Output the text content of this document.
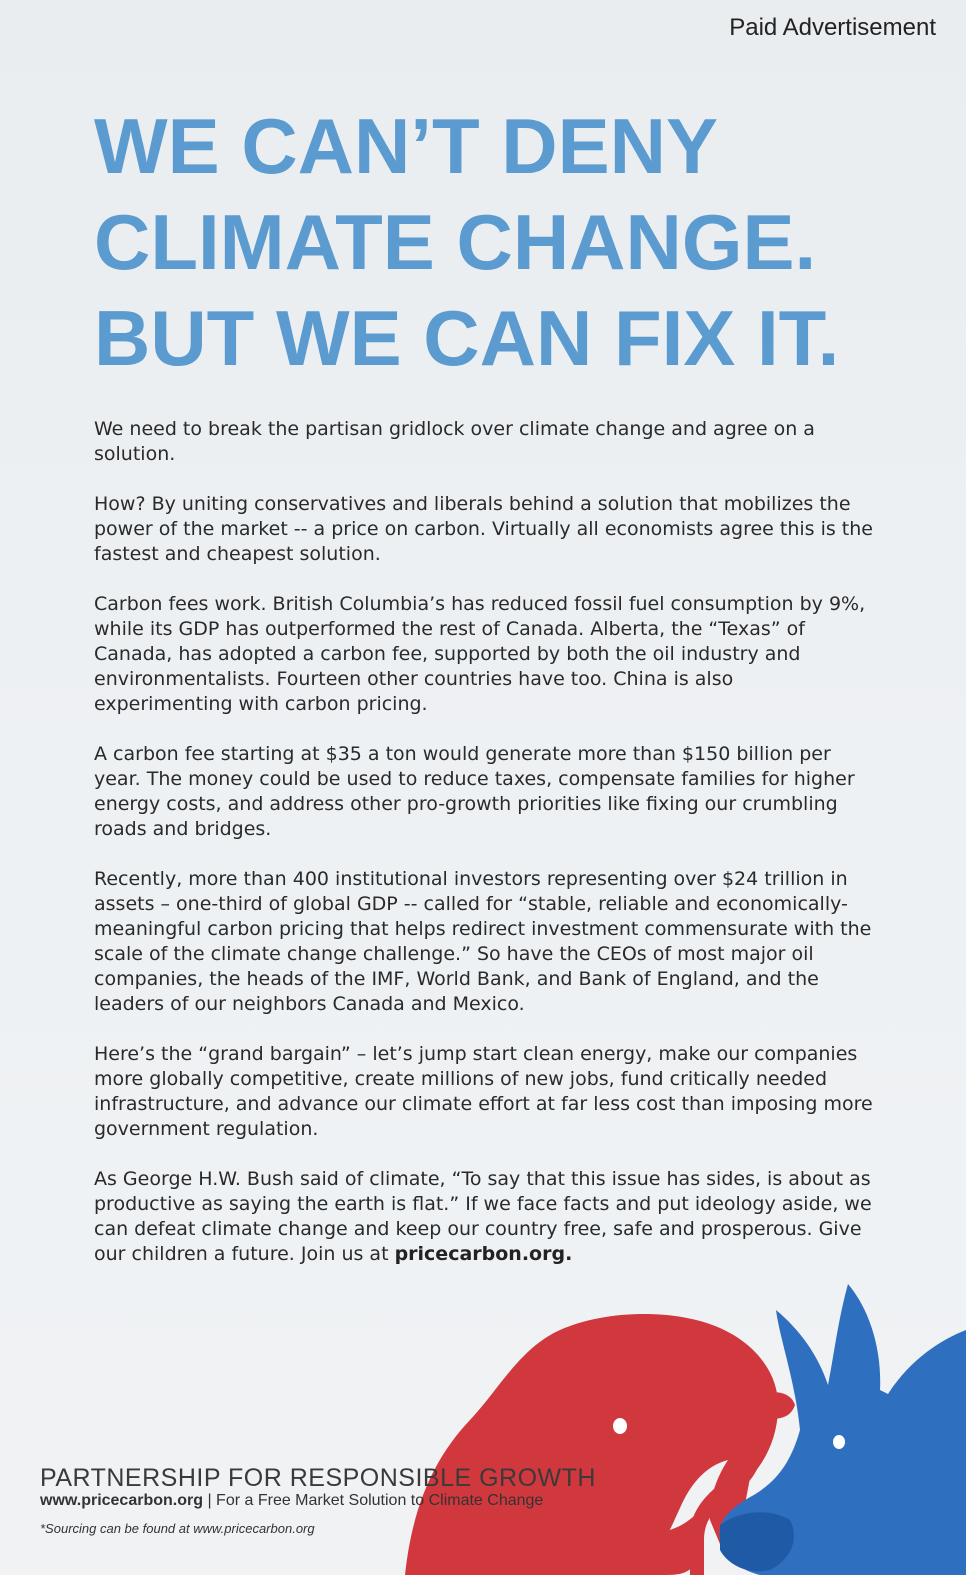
Paid Advertisement
WE CAN’T DENY
CLIMATE CHANGE.
BUT WE CAN FIX IT.

We need to break the partisan gridlock over climate change and agree on a solution.

How? By uniting conservatives and liberals behind a solution that mobilizes the power of the market -- a price on carbon. Virtually all economists agree this is the fastest and cheapest solution.

Carbon fees work. British Columbia’s has reduced fossil fuel consumption by 9%, while its GDP has outperformed the rest of Canada. Alberta, the “Texas” of Canada, has adopted a carbon fee, supported by both the oil industry and environmentalists. Fourteen other countries have too. China is also experimenting with carbon pricing.

A carbon fee starting at $35 a ton would generate more than $150 billion per year. The money could be used to reduce taxes, compensate families for higher energy costs, and address other pro-growth priorities like fixing our crumbling roads and bridges.

Recently, more than 400 institutional investors representing over $24 trillion in assets – one-third of global GDP -- called for “stable, reliable and economically-meaningful carbon pricing that helps redirect investment commensurate with the scale of the climate change challenge.” So have the CEOs of most major oil companies, the heads of the IMF, World Bank, and Bank of England, and the leaders of our neighbors Canada and Mexico.

Here’s the “grand bargain” – let’s jump start clean energy, make our companies more globally competitive, create millions of new jobs, fund critically needed infrastructure, and advance our climate effort at far less cost than imposing more government regulation.

As George H.W. Bush said of climate, “To say that this issue has sides, is about as productive as saying the earth is flat.” If we face facts and put ideology aside, we can defeat climate change and keep our country free, safe and prosperous. Give our children a future. Join us at pricecarbon.org.

PARTNERSHIP FOR RESPONSIBLE GROWTH
www.pricecarbon.org | For a Free Market Solution to Climate Change
*Sourcing can be found at www.pricecarbon.org
